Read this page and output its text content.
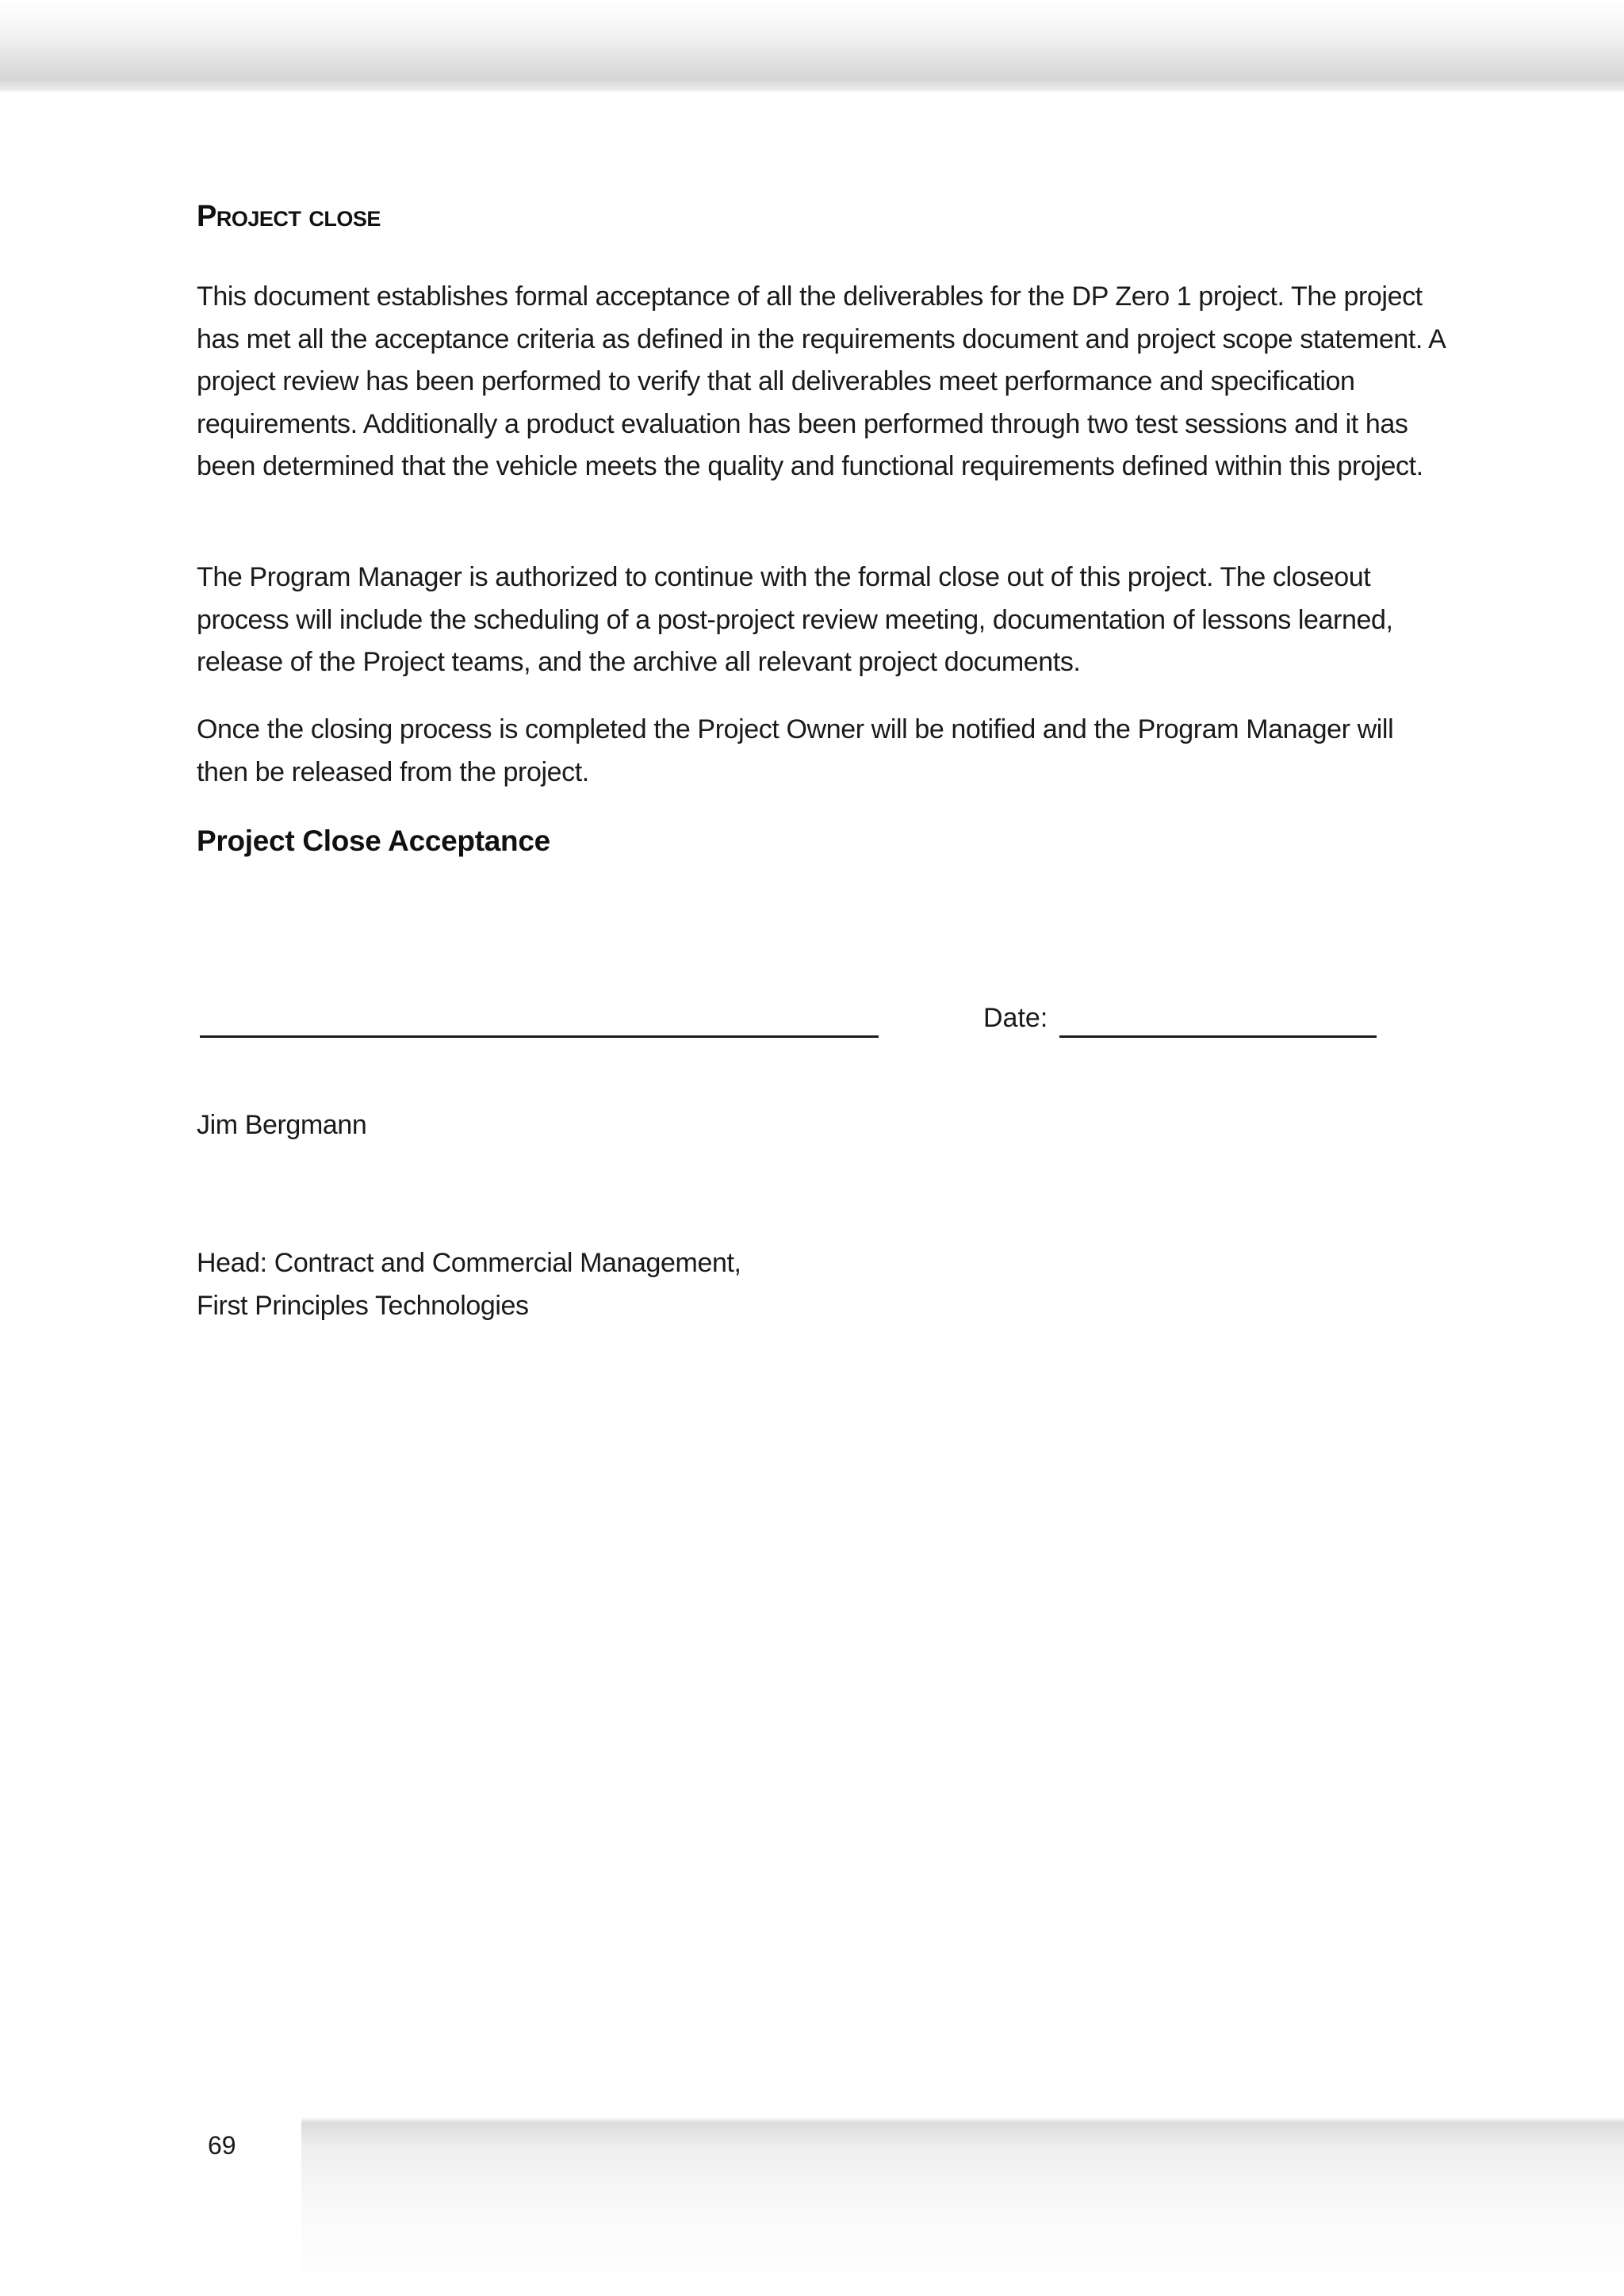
Project close

This document establishes formal acceptance of all the deliverables for the DP Zero 1 project. The project has met all the acceptance criteria as defined in the requirements document and project scope statement. A project review has been performed to verify that all deliverables meet performance and specification requirements. Additionally a product evaluation has been performed through two test sessions and it has been determined that the vehicle meets the quality and functional requirements defined within this project.

The Program Manager is authorized to continue with the formal close out of this project. The closeout process will include the scheduling of a post-project review meeting, documentation of lessons learned, release of the Project teams, and the archive all relevant project documents.

Once the closing process is completed the Project Owner will be notified and the Program Manager will then be released from the project.

Project Close Acceptance
Date:
Jim Bergmann
Head: Contract and Commercial Management,
First Principles Technologies
69
